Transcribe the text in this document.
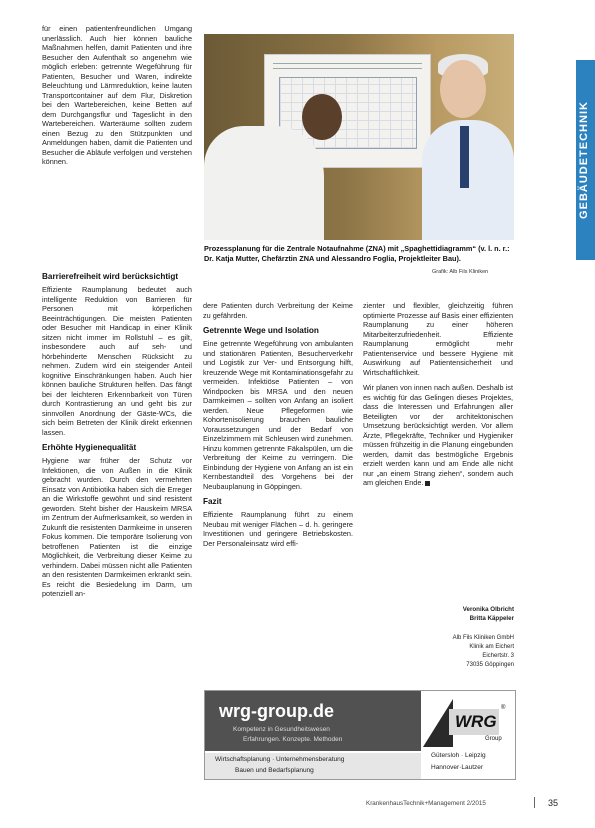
für einen patientenfreundlichen Umgang unerlässlich. Auch hier können bauliche Maßnahmen helfen, damit Patienten und ihre Besucher den Aufenthalt so angenehm wie möglich erleben: getrennte Wegeführung für Patienten, Besucher und Waren, indirekte Beleuchtung und Lärmreduktion, keine lauten Transportcontainer auf dem Flur, Diskretion bei den Wartebereichen, keine Betten auf dem Durchgangsflur und Tageslicht in den Wartebereichen. Warteräume sollten zudem einen Bezug zu den Stützpunkten und Anmeldungen haben, damit die Patienten und Besucher die Abläufe verfolgen und verstehen können.

Prozessplanung für die Zentrale Notaufnahme (ZNA) mit „Spaghettidiagramm“ (v. l. n. r.: Dr. Katja Mutter, Chefärztin ZNA und Alessandro Foglia, Projektleiter Bau).
Grafik: Alb Fils Kliniken
GEBÄUDETECHNIK
Barrierefreiheit wird berücksichtigt

Effiziente Raumplanung bedeutet auch intelligente Reduktion von Barrieren für Personen mit körperlichen Beeinträchtigungen. Die meisten Patienten oder Besucher mit Handicap in einer Klinik sitzen nicht immer im Rollstuhl – es gilt, insbesondere auch auf seh- und hörbehinderte Menschen Rücksicht zu nehmen. Zudem wird ein steigender Anteil kognitive Einschränkungen haben. Auch hier können bauliche Strukturen helfen. Das fängt bei der leichteren Erkennbarkeit von Türen durch Kontrastierung an und geht bis zur sinnvollen Anordnung der Gäste-WCs, die sich beim Betreten der Klinik direkt erkennen lassen.

Erhöhte Hygienequalität

Hygiene war früher der Schutz vor Infektionen, die von Außen in die Klinik gebracht wurden. Durch den vermehrten Einsatz von Antibiotika haben sich die Erreger an die Wirkstoffe gewöhnt und sind resistent geworden. Steht bisher der Hauskeim MRSA im Zentrum der Aufmerksamkeit, so werden in Zukunft die resistenten Darmkeime in unseren Fokus kommen. Die temporäre Isolierung von betroffenen Patienten ist die einzige Möglichkeit, die Verbreitung dieser Keime zu verhindern. Dabei müssen nicht alle Patienten an den resistenten Darmkeimen erkrankt sein. Es reicht die Besiedelung im Darm, um potenziell an-

dere Patienten durch Verbreitung der Keime zu gefährden.

Getrennte Wege und Isolation

Eine getrennte Wegeführung von ambulanten und stationären Patienten, Besucherverkehr und Logistik zur Ver- und Entsorgung hilft, kreuzende Wege mit Kontaminationsgefahr zu vermeiden. Infektiöse Patienten – von Windpocken bis MRSA und den neuen Darmkeimen – sollten von Anfang an isoliert werden. Neue Pflegeformen wie Kohortenisolierung brauchen bauliche Voraussetzungen und der Bedarf von Einzelzimmern mit Schleusen wird zunehmen. Hinzu kommen getrennte Fäkalspülen, um die Verbreitung der Keime zu verringern. Die Einbindung der Hygiene von Anfang an ist ein Kernbestandteil des Vorgehens bei der Neubauplanung in Göppingen.

Fazit

Effiziente Raumplanung führt zu einem Neubau mit weniger Flächen – d. h. geringere Investitionen und geringere Betriebskosten. Der Personaleinsatz wird effi-

zienter und flexibler, gleichzeitig führen optimierte Prozesse auf Basis einer effizienten Raumplanung zu einer höheren Mitarbeiterzufriedenheit. Effiziente Raumplanung ermöglicht mehr Patientenservice und bessere Hygiene mit Auswirkung auf Patientensicherheit und Wirtschaftlichkeit.

Wir planen von innen nach außen. Deshalb ist es wichtig für das Gelingen dieses Projektes, dass die Interessen und Erfahrungen aller Beteiligten vor der architektonischen Umsetzung berücksichtigt werden. Vor allem Ärzte, Pflegekräfte, Techniker und Hygieniker müssen frühzeitig in die Planung eingebunden werden, damit das bestmögliche Ergebnis erzielt werden kann und am Ende alle nicht nur „an einem Strang ziehen“, sondern auch am gleichen Ende.

Veronika Olbricht
Britta Käppeler
Alb Fils Kliniken GmbH
Klinik am Eichert
Eichertstr. 3
73035 Göppingen
wrg-group.de
Kompetenz in Gesundheitswesen
Erfahrungen. Konzepte. Methoden
Wirtschaftsplanung · Unternehmensberatung
Bauen und Bedarfsplanung
WRG
®
Group
Gütersloh · Leipzig
Hannover·Lautzer
KrankenhausTechnik+Management 2/2015	35
